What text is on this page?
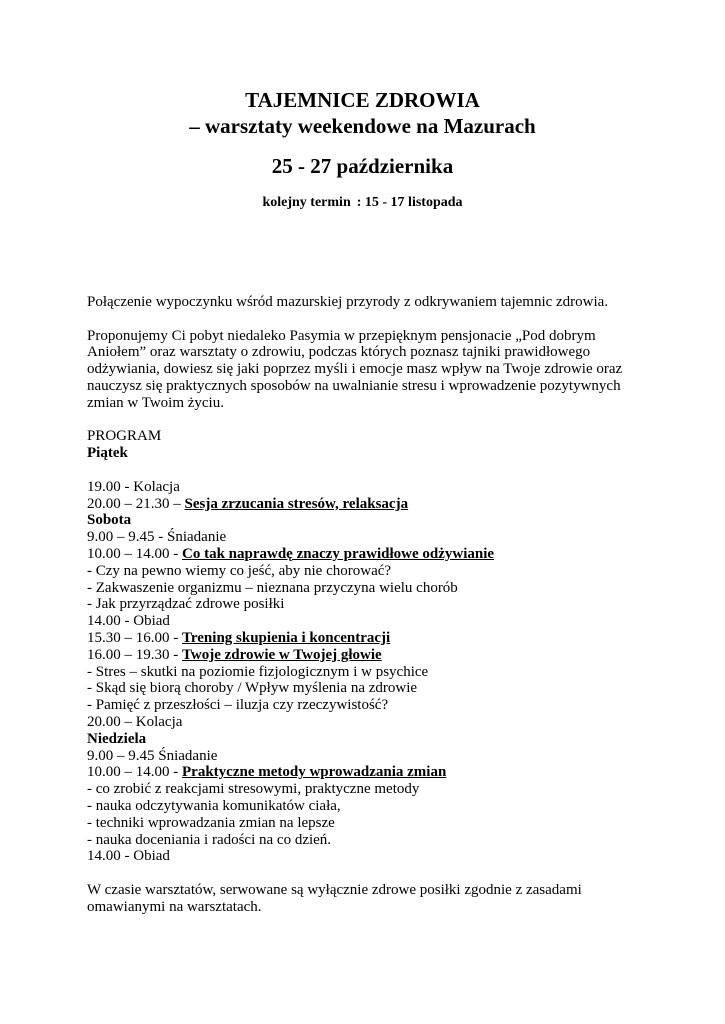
TAJEMNICE ZDROWIA
– warsztaty weekendowe na Mazurach
25 - 27 października
kolejny termin : 15 - 17 listopada

Połączenie wypoczynku wśród mazurskiej przyrody z odkrywaniem tajemnic zdrowia.

Proponujemy Ci pobyt niedaleko Pasymia w przepięknym pensjonacie „Pod dobrym
Aniołem” oraz warsztaty o zdrowiu, podczas których poznasz tajniki prawidłowego
odżywiania, dowiesz się jaki poprzez myśli i emocje masz wpływ na Twoje zdrowie oraz
nauczysz się praktycznych sposobów na uwalnianie stresu i wprowadzenie pozytywnych
zmian w Twoim życiu.
PROGRAM
Piątek
19.00 - Kolacja
20.00 – 21.30 – Sesja zrzucania stresów, relaksacja
Sobota
9.00 – 9.45 - Śniadanie
10.00 – 14.00 - Co tak naprawdę znaczy prawidłowe odżywianie
- Czy na pewno wiemy co jeść, aby nie chorować?
- Zakwaszenie organizmu – nieznana przyczyna wielu chorób
- Jak przyrządzać zdrowe posiłki
14.00 - Obiad
15.30 – 16.00 - Trening skupienia i koncentracji
16.00 – 19.30 - Twoje zdrowie w Twojej głowie
- Stres – skutki na poziomie fizjologicznym i w psychice
- Skąd się biorą choroby / Wpływ myślenia na zdrowie
- Pamięć z przeszłości – iluzja czy rzeczywistość?
20.00 – Kolacja
Niedziela
9.00 – 9.45 Śniadanie
10.00 – 14.00 - Praktyczne metody wprowadzania zmian
- co zrobić z reakcjami stresowymi, praktyczne metody
- nauka odczytywania komunikatów ciała,
- techniki wprowadzania zmian na lepsze
- nauka doceniania i radości na co dzień.
14.00 - Obiad
W czasie warsztatów, serwowane są wyłącznie zdrowe posiłki zgodnie z zasadami
omawianymi na warsztatach.
